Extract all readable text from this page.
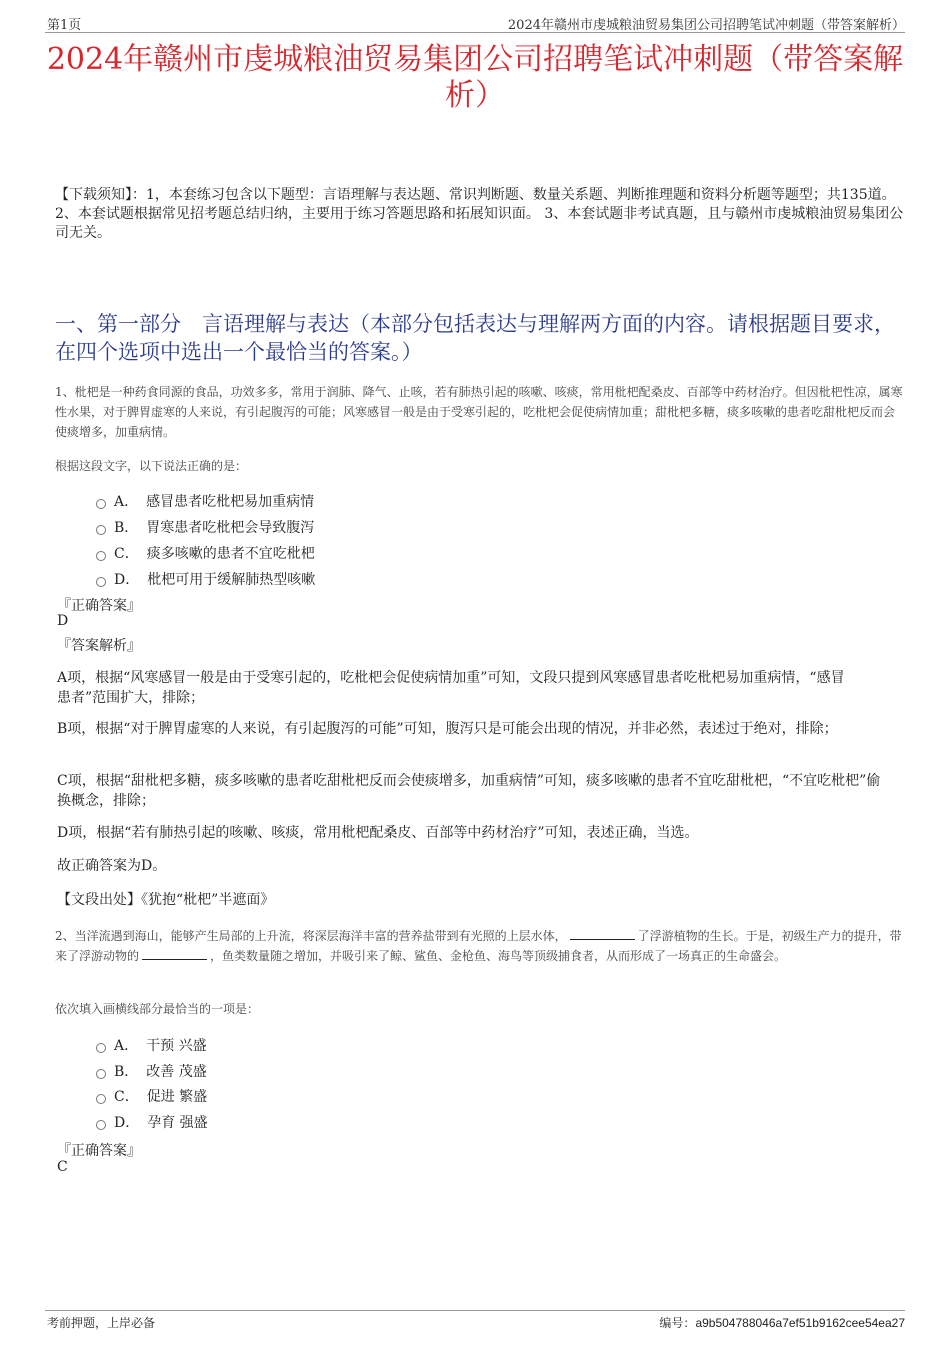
第1页	2024年赣州市虔城粮油贸易集团公司招聘笔试冲刺题（带答案解析）
2024年赣州市虔城粮油贸易集团公司招聘笔试冲刺题（带答案解析）
【下载须知】：1，本套练习包含以下题型：言语理解与表达题、常识判断题、数量关系题、判断推理题和资料分析题等题型；共135道。 2、本套试题根据常见招考题总结归纳，主要用于练习答题思路和拓展知识面。 3、本套试题非考试真题，且与赣州市虔城粮油贸易集团公司无关。
一、第一部分　言语理解与表达（本部分包括表达与理解两方面的内容。请根据题目要求，在四个选项中选出一个最恰当的答案。）
1、枇杷是一种药食同源的食品，功效多多，常用于润肺、降气、止咳，若有肺热引起的咳嗽、咳痰，常用枇杷配桑皮、百部等中药材治疗。但因枇杷性凉，属寒性水果，对于脾胃虚寒的人来说，有引起腹泻的可能；风寒感冒一般是由于受寒引起的，吃枇杷会促使病情加重；甜枇杷多糖，痰多咳嗽的患者吃甜枇杷反而会使痰增多，加重病情。
根据这段文字，以下说法正确的是：
A． 感冒患者吃枇杷易加重病情
B． 胃寒患者吃枇杷会导致腹泻
C． 痰多咳嗽的患者不宜吃枇杷
D． 枇杷可用于缓解肺热型咳嗽
『正确答案』
D
『答案解析』
A项，根据“风寒感冒一般是由于受寒引起的，吃枇杷会促使病情加重”可知，文段只提到风寒感冒患者吃枇杷易加重病情，“感冒患者”范围扩大，排除；
B项，根据“对于脾胃虚寒的人来说，有引起腹泻的可能”可知，腹泻只是可能会出现的情况，并非必然，表述过于绝对，排除；
C项，根据“甜枇杷多糖，痰多咳嗽的患者吃甜枇杷反而会使痰增多，加重病情”可知，痰多咳嗽的患者不宜吃甜枇杷，“不宜吃枇杷”偷换概念，排除；
D项，根据“若有肺热引起的咳嗽、咳痰，常用枇杷配桑皮、百部等中药材治疗”可知，表述正确，当选。
故正确答案为D。
【文段出处】《犹抱“枇杷”半遮面》
2、当洋流遇到海山，能够产生局部的上升流，将深层海洋丰富的营养盐带到有光照的上层水体，	了浮游植物的生长。于是，初级生产力的提升，带来了浮游动物的	，鱼类数量随之增加，并吸引来了鲸、鲨鱼、金枪鱼、海鸟等顶级捕食者，从而形成了一场真正的生命盛会。
依次填入画横线部分最恰当的一项是：
A． 干预 兴盛
B． 改善 茂盛
C． 促进 繁盛
D． 孕育 强盛
『正确答案』
C
考前押题，上岸必备	编号：a9b504788046a7ef51b9162cee54ea27
